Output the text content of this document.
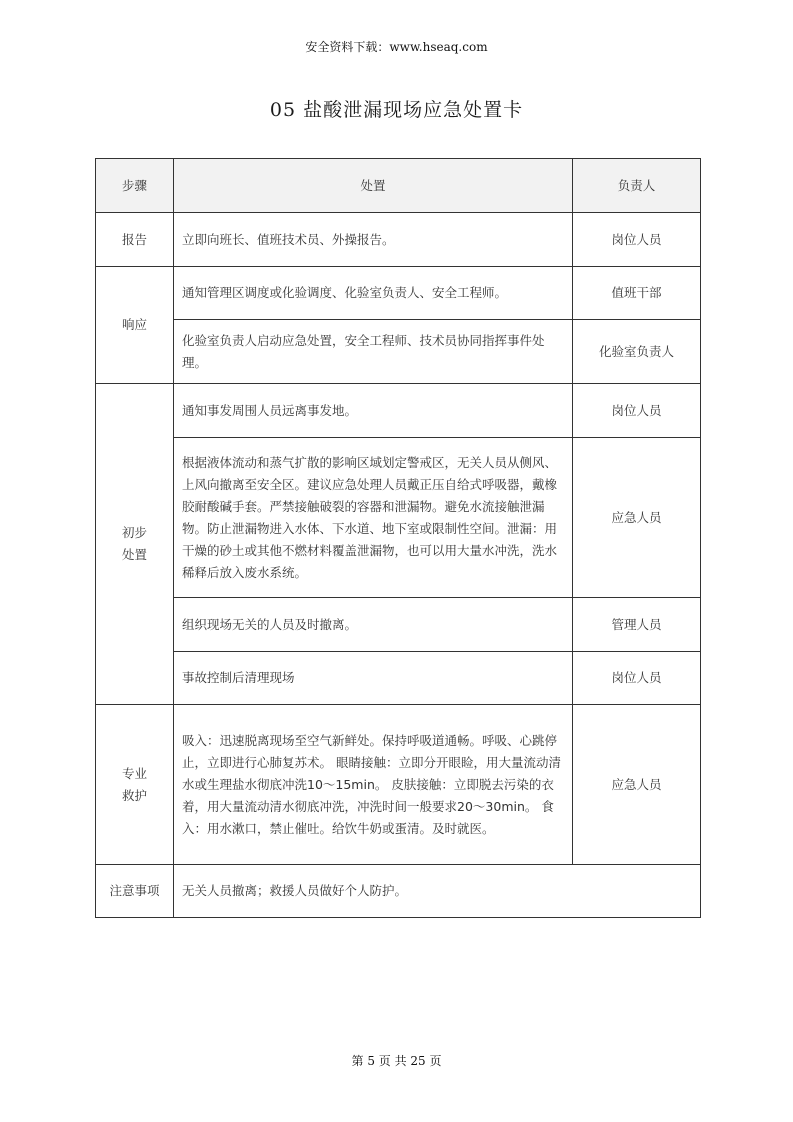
安全资料下载：www.hseaq.com
05 盐酸泄漏现场应急处置卡
步骤	处置	负责人
报告	立即向班长、值班技术员、外操报告。	岗位人员
响应	通知管理区调度或化验调度、化验室负责人、安全工程师。	值班干部
	化验室负责人启动应急处置，安全工程师、技术员协同指挥事件处理。	化验室负责人

初步
处置	通知事发周围人员远离事发地。	岗位人员
	根据液体流动和蒸气扩散的影响区域划定警戒区，无关人员从侧风、上风向撤离至安全区。建议应急处理人员戴正压自给式呼吸器，戴橡胶耐酸碱手套。严禁接触破裂的容器和泄漏物。避免水流接触泄漏物。防止泄漏物进入水体、下水道、地下室或限制性空间。泄漏：用干燥的砂土或其他不燃材料覆盖泄漏物，也可以用大量水冲洗，洗水稀释后放入废水系统。	应急人员
	组织现场无关的人员及时撤离。	管理人员
	事故控制后清理现场	岗位人员

专业
救护	吸入：迅速脱离现场至空气新鲜处。保持呼吸道通畅。呼吸、心跳停止，立即进行心肺复苏术。 眼睛接触：立即分开眼睑，用大量流动清水或生理盐水彻底冲洗10～15min。 皮肤接触：立即脱去污染的衣着，用大量流动清水彻底冲洗，冲洗时间一般要求20～30min。 食入：用水漱口，禁止催吐。给饮牛奶或蛋清。及时就医。	应急人员
注意事项	无关人员撤离；救援人员做好个人防护。	
第 5 页 共 25 页
